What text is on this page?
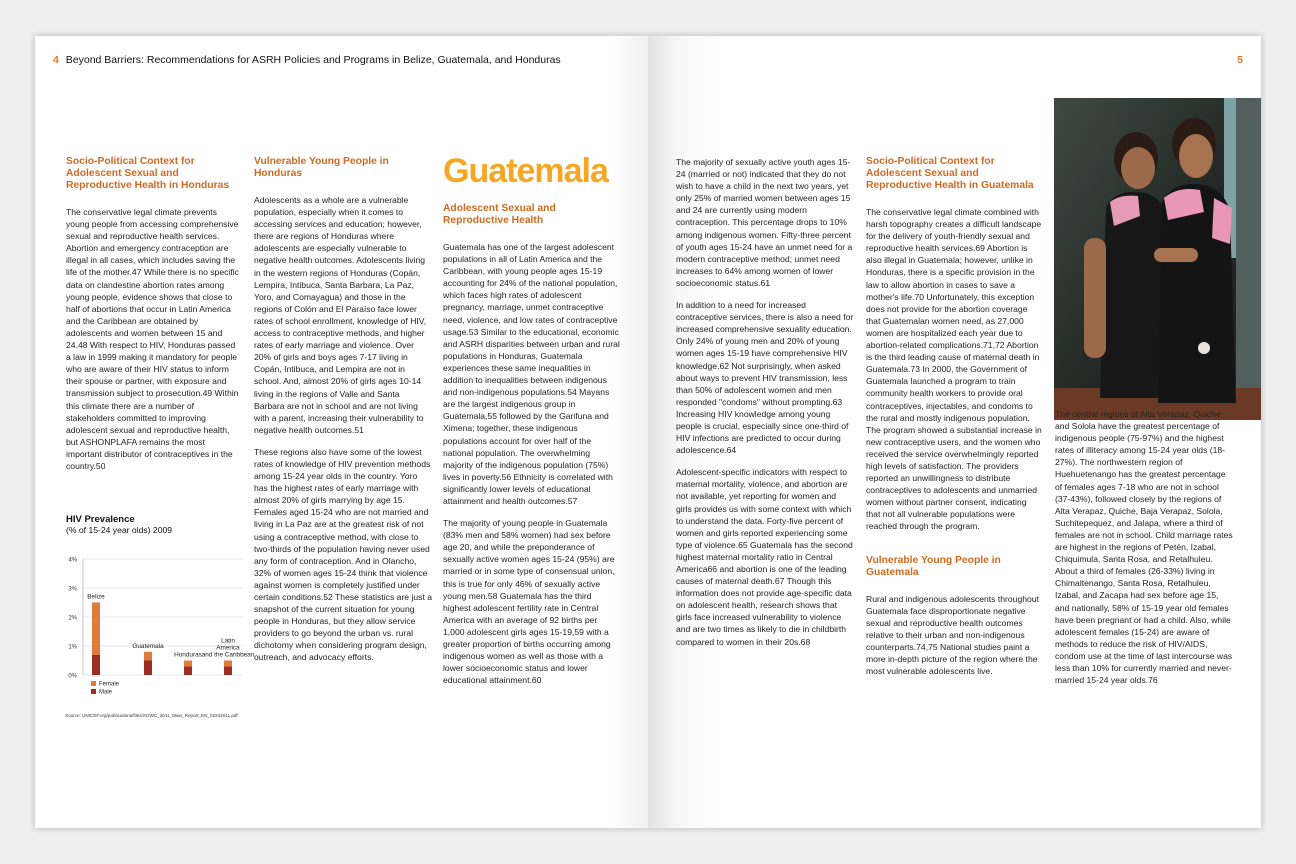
4 Beyond Barriers: Recommendations for ASRH Policies and Programs in Belize, Guatemala, and Honduras
Socio-Political Context for Adolescent Sexual and Reproductive Health in Honduras

The conservative legal climate prevents young people from accessing comprehensive sexual and reproductive health services. Abortion and emergency contraception are illegal in all cases, which includes saving the life of the mother.47 While there is no specific data on clandestine abortion rates among young people, evidence shows that close to half of abortions that occur in Latin America and the Caribbean are obtained by adolescents and women between 15 and 24.48 With respect to HIV, Honduras passed a law in 1999 making it mandatory for people who are aware of their HIV status to inform their spouse or partner, with exposure and transmission subject to prosecution.49 Within this climate there are a number of stakeholders committed to improving adolescent sexual and reproductive health, but ASHONPLAFA remains the most important distributor of contraceptives in the country.50

HIV Prevalence
(% of 15-24 year olds) 2009
0%
1%
2%
3%
4%
Belize
Guatemala
Honduras
Latin
America
and the Caribbean
Female
Male
Source: UNICEF.org/publications/files/SOWC_2011_Main_Report_EN_02242011.pdf
Vulnerable Young People in Honduras

Adolescents as a whole are a vulnerable population, especially when it comes to accessing services and education; however, there are regions of Honduras where adolescents are especially vulnerable to negative health outcomes. Adolescents living in the western regions of Honduras (Copán, Lempira, Intibuca, Santa Barbara, La Paz, Yoro, and Comayagua) and those in the regions of Colón and El Paraíso face lower rates of school enrollment, knowledge of HIV, access to contraceptive methods, and higher rates of early marriage and violence. Over 20% of girls and boys ages 7-17 living in Copán, Intibuca, and Lempira are not in school. And, almost 20% of girls ages 10-14 living in the regions of Valle and Santa Barbara are not in school and are not living with a parent, increasing their vulnerability to negative health outcomes.51

These regions also have some of the lowest rates of knowledge of HIV prevention methods among 15-24 year olds in the country. Yoro has the highest rates of early marriage with almost 20% of girls marrying by age 15. Females aged 15-24 who are not married and living in La Paz are at the greatest risk of not using a contraceptive method, with close to two-thirds of the population having never used any form of contraception. And in Olancho, 32% of women ages 15-24 think that violence against women is completely justified under certain conditions.52 These statistics are just a snapshot of the current situation for young people in Honduras, but they allow service providers to go beyond the urban vs. rural dichotomy when considering program design, outreach, and advocacy efforts.

Guatemala
Adolescent Sexual and Reproductive Health

Guatemala has one of the largest adolescent populations in all of Latin America and the Caribbean, with young people ages 15-19 accounting for 24% of the national population, which faces high rates of adolescent pregnancy, marriage, unmet contraceptive need, violence, and low rates of contraceptive usage.53 Similar to the educational, economic and ASRH disparities between urban and rural populations in Honduras, Guatemala experiences these same inequalities in addition to inequalities between indigenous and non-indigenous populations.54 Mayans are the largest indigenous group in Guatemala,55 followed by the Garifuna and Ximena; together, these indigenous populations account for over half of the national population. The overwhelming majority of the indigenous population (75%) lives in poverty.56 Ethnicity is correlated with significantly lower levels of educational attainment and health outcomes.57

The majority of young people in Guatemala (83% men and 58% women) had sex before age 20, and while the preponderance of sexually active women ages 15-24 (95%) are married or in some type of consensual union, this is true for only 46% of sexually active young men.58 Guatemala has the third highest adolescent fertility rate in Central America with an average of 92 births per 1,000 adolescent girls ages 15-19,59 with a greater proportion of births occurring among indigenous women as well as those with a lower socioeconomic status and lower educational attainment.60

5

The majority of sexually active youth ages 15-24 (married or not) indicated that they do not wish to have a child in the next two years, yet only 25% of married women between ages 15 and 24 are currently using modern contraception. This percentage drops to 10% among indigenous women. Fifty-three percent of youth ages 15-24 have an unmet need for a modern contraceptive method; unmet need increases to 64% among women of lower socioeconomic status.61

In addition to a need for increased contraceptive services, there is also a need for increased comprehensive sexuality education. Only 24% of young men and 20% of young women ages 15-19 have comprehensive HIV knowledge.62 Not surprisingly, when asked about ways to prevent HIV transmission, less than 50% of adolescent women and men responded "condoms" without prompting.63 Increasing HIV knowledge among young people is crucial, especially since one-third of HIV infections are predicted to occur during adolescence.64

Adolescent-specific indicators with respect to maternal mortality, violence, and abortion are not available, yet reporting for women and girls provides us with some context with which to understand the data. Forty-five percent of women and girls reported experiencing some type of violence.65 Guatemala has the second highest maternal mortality ratio in Central America66 and abortion is one of the leading causes of maternal death.67 Though this information does not provide age-specific data on adolescent health, research shows that girls face increased vulnerability to violence and are two times as likely to die in childbirth compared to women in their 20s.68

Socio-Political Context for Adolescent Sexual and Reproductive Health in Guatemala

The conservative legal climate combined with harsh topography creates a difficult landscape for the delivery of youth-friendly sexual and reproductive health services.69 Abortion is also illegal in Guatemala; however, unlike in Honduras, there is a specific provision in the law to allow abortion in cases to save a mother's life.70 Unfortunately, this exception does not provide for the abortion coverage that Guatemalan women need, as 27,000 women are hospitalized each year due to abortion-related complications.71,72 Abortion is the third leading cause of maternal death in Guatemala.73 In 2000, the Government of Guatemala launched a program to train community health workers to provide oral contraceptives, injectables, and condoms to the rural and mostly indigenous population. The program showed a substantial increase in new contraceptive users, and the women who received the service overwhelmingly reported high levels of satisfaction. The providers reported an unwillingness to distribute contraceptives to adolescents and unmarried women without partner consent, indicating that not all vulnerable populations were reached through the program.

Vulnerable Young People in Guatemala

Rural and indigenous adolescents throughout Guatemala face disproportionate negative sexual and reproductive health outcomes relative to their urban and non-indigenous counterparts.74,75 National studies paint a more in-depth picture of the region where the most vulnerable adolescents live.

The central regions of Alta Verapaz, Quiche and Solola have the greatest percentage of indigenous people (75-97%) and the highest rates of illiteracy among 15-24 year olds (18-27%). The northwestern region of Huehuetenango has the greatest percentage of females ages 7-18 who are not in school (37-43%), followed closely by the regions of Alta Verapaz, Quiche, Baja Verapaz, Solola, Suchitepequez, and Jalapa, where a third of females are not in school. Child marriage rates are highest in the regions of Petén, Izabal, Chiquimula, Santa Rosa, and Retalhuleu. About a third of females (26-33%) living in Chimaltenango, Santa Rosa, Retalhuleu, Izabal, and Zacapa had sex before age 15, and nationally, 58% of 15-19 year old females have been pregnant or had a child. Also, while adolescent females (15-24) are aware of methods to reduce the risk of HIV/AIDS, condom use at the time of last intercourse was less than 10% for currently married and never-married 15-24 year olds.76
